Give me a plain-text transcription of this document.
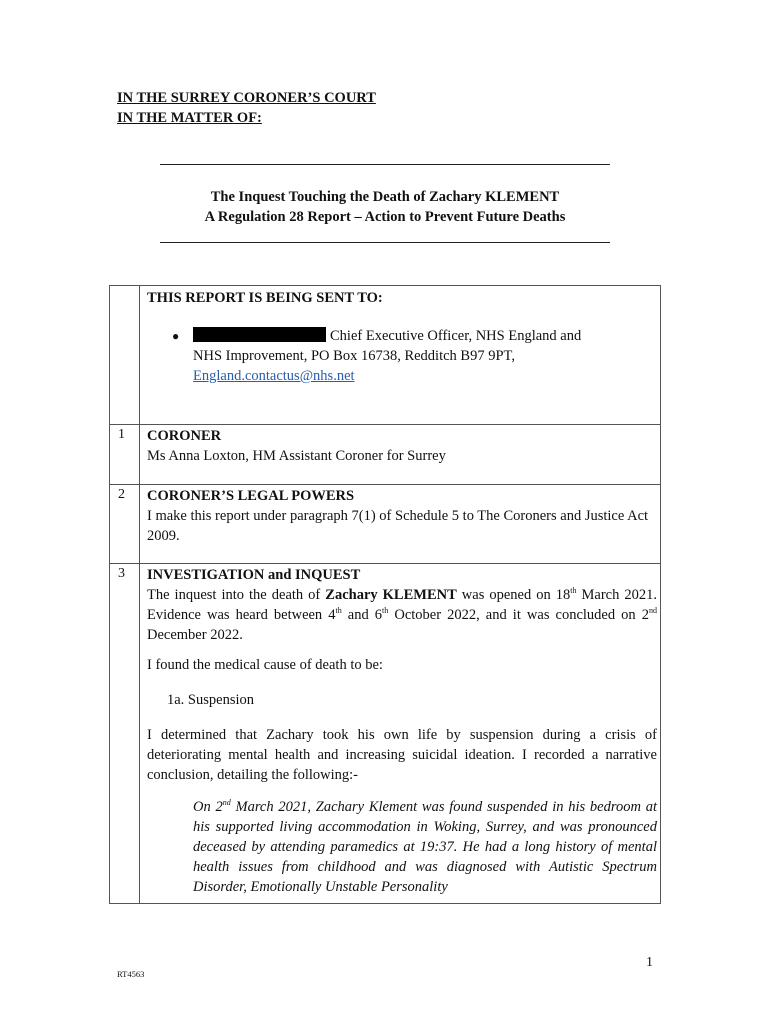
IN THE SURREY CORONER’S COURT
IN THE MATTER OF:
The Inquest Touching the Death of Zachary KLEMENT
A Regulation 28 Report – Action to Prevent Future Deaths
THIS REPORT IS BEING SENT TO:
●	Chief Executive Officer, NHS England and
NHS Improvement, PO Box 16738, Redditch B97 9PT,
England.contactus@nhs.net
1 CORONER
Ms Anna Loxton, HM Assistant Coroner for Surrey
2 CORONER’S LEGAL POWERS
I make this report under paragraph 7(1) of Schedule 5 to The Coroners and Justice Act 2009.
3 INVESTIGATION and INQUEST
The inquest into the death of Zachary KLEMENT was opened on 18th March 2021. Evidence was heard between 4th and 6th October 2022, and it was concluded on 2nd December 2022.
I found the medical cause of death to be:
1a. Suspension
I determined that Zachary took his own life by suspension during a crisis of deteriorating mental health and increasing suicidal ideation. I recorded a narrative conclusion, detailing the following:-
On 2nd March 2021, Zachary Klement was found suspended in his bedroom at his supported living accommodation in Woking, Surrey, and was pronounced deceased by attending paramedics at 19:37. He had a long history of mental health issues from childhood and was diagnosed with Autistic Spectrum Disorder, Emotionally Unstable Personality
1
RT4563
